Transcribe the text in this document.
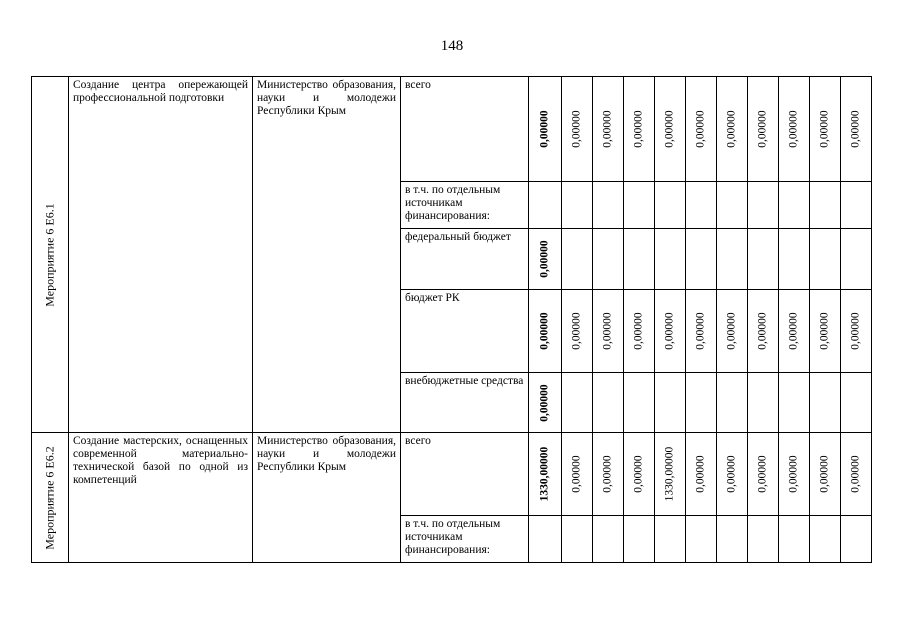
148
Мероприятие 6 Е6.1	Создание центра опережающей профессиональной подготовки	Министерство образования, науки и молодежи Республики Крым	всего	0,00000	0,00000	0,00000	0,00000	0,00000	0,00000	0,00000	0,00000	0,00000	0,00000	0,00000

			в т.ч. по отдельным источникам финансирования:											

			федеральный бюджет	0,00000										

			бюджет РК	0,00000	0,00000	0,00000	0,00000	0,00000	0,00000	0,00000	0,00000	0,00000	0,00000	0,00000

			внебюджетные средства	0,00000										

Мероприятие 6 Е6.2	Создание мастерских, оснащенных современной материально-технической базой по одной из компетенций	Министерство образования, науки и молодежи Республики Крым	всего	1330,00000	0,00000	0,00000	0,00000	1330,00000	0,00000	0,00000	0,00000	0,00000	0,00000	0,00000

			в т.ч. по отдельным источникам финансирования:											
